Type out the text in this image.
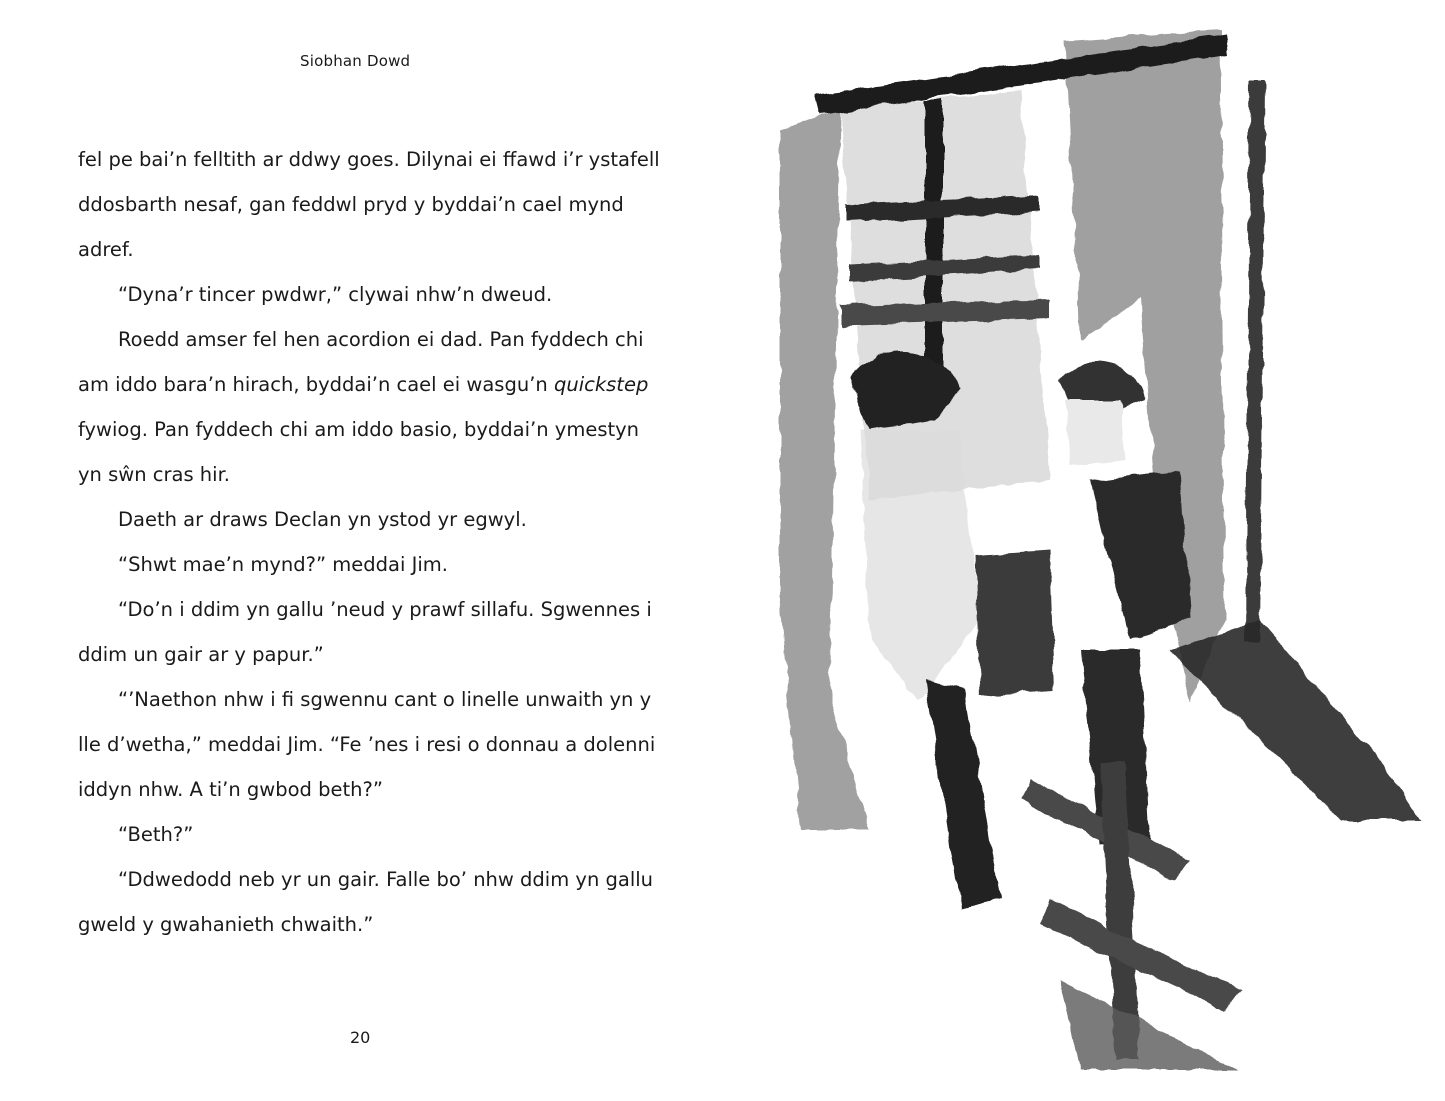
Siobhan Dowd
fel pe bai’n felltith ar ddwy goes. Dilynai ei ffawd i’r ystafell
ddosbarth nesaf, gan feddwl pryd y byddai’n cael mynd
adref.
“Dyna’r tincer pwdwr,” clywai nhw’n dweud.
Roedd amser fel hen acordion ei dad. Pan fyddech chi
am iddo bara’n hirach, byddai’n cael ei wasgu’n quickstep
fywiog. Pan fyddech chi am iddo basio, byddai’n ymestyn
yn sŵn cras hir.
Daeth ar draws Declan yn ystod yr egwyl.
“Shwt mae’n mynd?” meddai Jim.
“Do’n i ddim yn gallu ’neud y prawf sillafu. Sgwennes i
ddim un gair ar y papur.”
“’Naethon nhw i fi sgwennu cant o linelle unwaith yn y
lle d’wetha,” meddai Jim. “Fe ’nes i resi o donnau a dolenni
iddyn nhw. A ti’n gwbod beth?”
“Beth?”
“Ddwedodd neb yr un gair. Falle bo’ nhw ddim yn gallu
gweld y gwahanieth chwaith.”
20
